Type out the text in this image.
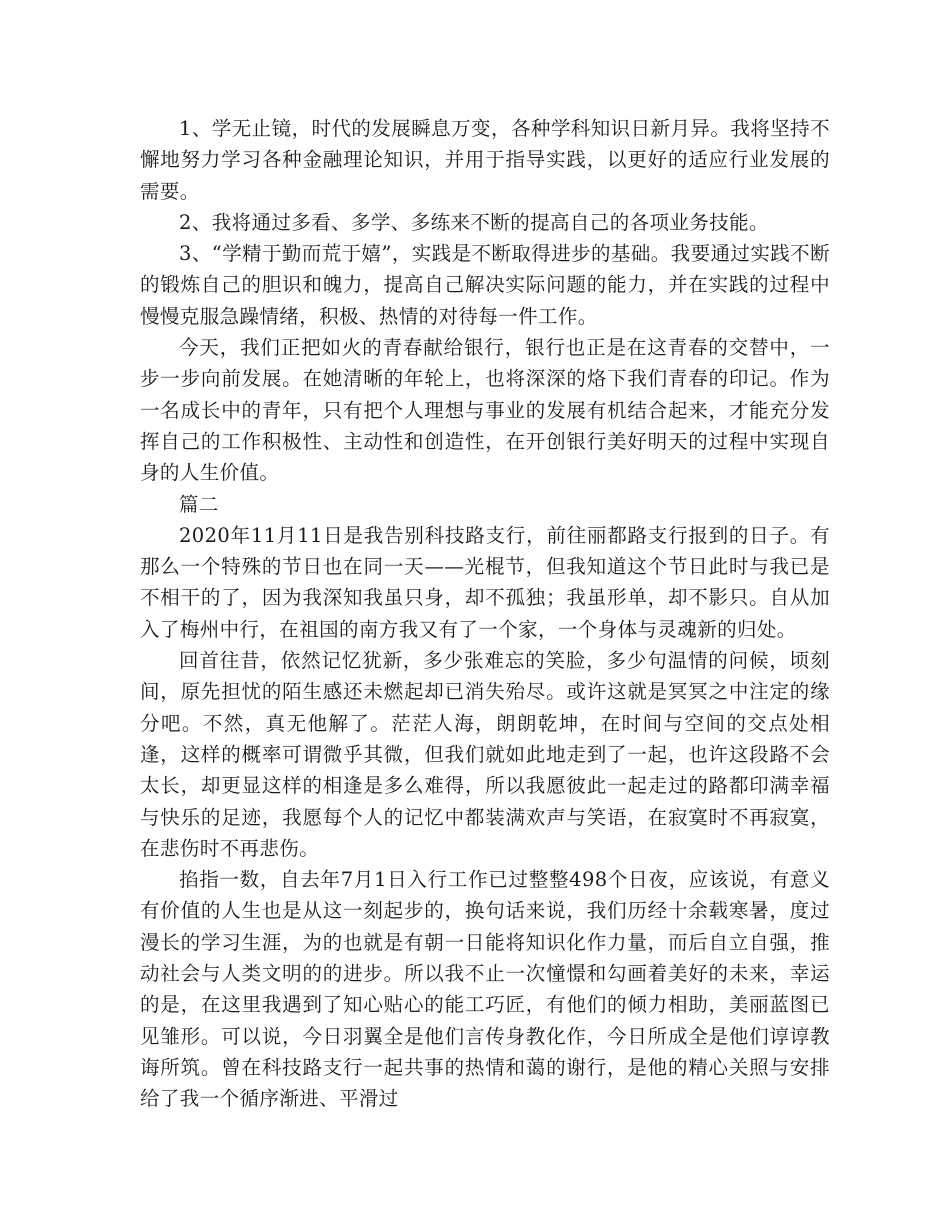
1、学无止镜，时代的发展瞬息万变，各种学科知识日新月异。我将坚持不懈地努力学习各种金融理论知识，并用于指导实践，以更好的适应行业发展的需要。

2、我将通过多看、多学、多练来不断的提高自己的各项业务技能。

3、“学精于勤而荒于嬉”，实践是不断取得进步的基础。我要通过实践不断的锻炼自己的胆识和魄力，提高自己解决实际问题的能力，并在实践的过程中慢慢克服急躁情绪，积极、热情的对待每一件工作。

今天，我们正把如火的青春献给银行，银行也正是在这青春的交替中，一步一步向前发展。在她清晰的年轮上，也将深深的烙下我们青春的印记。作为一名成长中的青年，只有把个人理想与事业的发展有机结合起来，才能充分发挥自己的工作积极性、主动性和创造性，在开创银行美好明天的过程中实现自身的人生价值。

篇二

2020年11月11日是我告别科技路支行，前往丽都路支行报到的日子。有那么一个特殊的节日也在同一天——光棍节，但我知道这个节日此时与我已是不相干的了，因为我深知我虽只身，却不孤独；我虽形单，却不影只。自从加入了梅州中行，在祖国的南方我又有了一个家，一个身体与灵魂新的归处。

回首往昔，依然记忆犹新，多少张难忘的笑脸，多少句温情的问候，顷刻间，原先担忧的陌生感还未燃起却已消失殆尽。或许这就是冥冥之中注定的缘分吧。不然，真无他解了。茫茫人海，朗朗乾坤，在时间与空间的交点处相逢，这样的概率可谓微乎其微，但我们就如此地走到了一起，也许这段路不会太长，却更显这样的相逢是多么难得，所以我愿彼此一起走过的路都印满幸福与快乐的足迹，我愿每个人的记忆中都装满欢声与笑语，在寂寞时不再寂寞，在悲伤时不再悲伤。

掐指一数，自去年7月1日入行工作已过整整498个日夜，应该说，有意义有价值的人生也是从这一刻起步的，换句话来说，我们历经十余载寒暑，度过漫长的学习生涯，为的也就是有朝一日能将知识化作力量，而后自立自强，推动社会与人类文明的的进步。所以我不止一次憧憬和勾画着美好的未来，幸运的是，在这里我遇到了知心贴心的能工巧匠，有他们的倾力相助，美丽蓝图已见雏形。可以说，今日羽翼全是他们言传身教化作，今日所成全是他们谆谆教诲所筑。曾在科技路支行一起共事的热情和蔼的谢行，是他的精心关照与安排给了我一个循序渐进、平滑过
